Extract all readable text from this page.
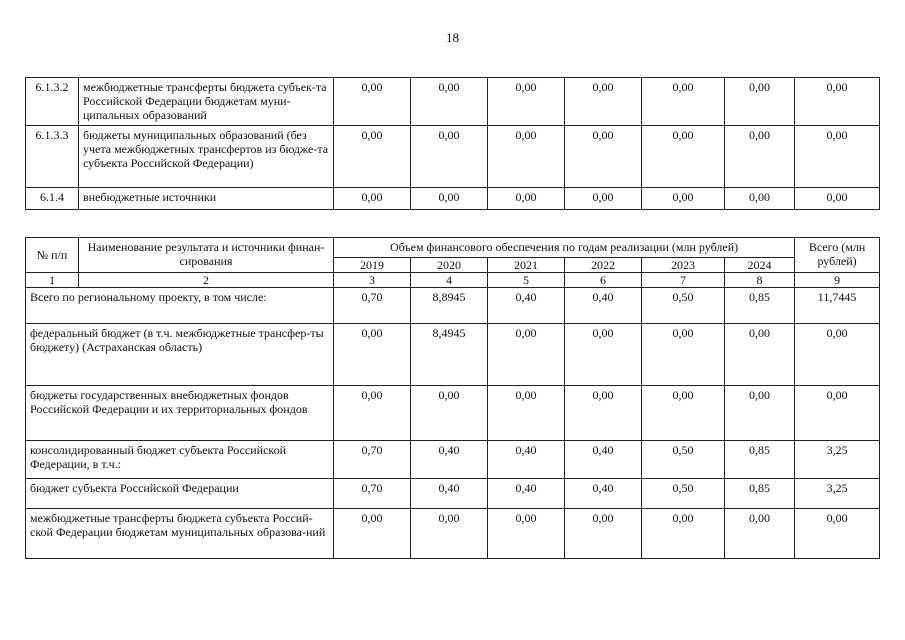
18
6.1.3.2	межбюджетные трансферты бюджета субъек-та Российской Федерации бюджетам муни-ципальных образований	0,00	0,00	0,00	0,00	0,00	0,00	0,00
6.1.3.3	бюджеты муниципальных образований (без учета межбюджетных трансфертов из бюдже-та субъекта Российской Федерации)	0,00	0,00	0,00	0,00	0,00	0,00	0,00
6.1.4	внебюджетные источники	0,00	0,00	0,00	0,00	0,00	0,00	0,00
№ п/п	Наименование результата и источники финан-сирования	Объем финансового обеспечения по годам реализации (млн рублей)						Всего (млн рублей)
		2019	2020	2021	2022	2023	2024	
1	2	3	4	5	6	7	8	9
Всего по региональному проекту, в том числе:		0,70	8,8945	0,40	0,40	0,50	0,85	11,7445
федеральный бюджет (в т.ч. межбюджетные трансфер-ты бюджету) (Астраханская область)		0,00	8,4945	0,00	0,00	0,00	0,00	0,00
бюджеты государственных внебюджетных фондов Российской Федерации и их территориальных фондов		0,00	0,00	0,00	0,00	0,00	0,00	0,00
консолидированный бюджет субъекта Российской Федерации, в т.ч.:		0,70	0,40	0,40	0,40	0,50	0,85	3,25
бюджет субъекта Российской Федерации		0,70	0,40	0,40	0,40	0,50	0,85	3,25
межбюджетные трансферты бюджета субъекта Россий-ской Федерации бюджетам муниципальных образова-ний		0,00	0,00	0,00	0,00	0,00	0,00	0,00
